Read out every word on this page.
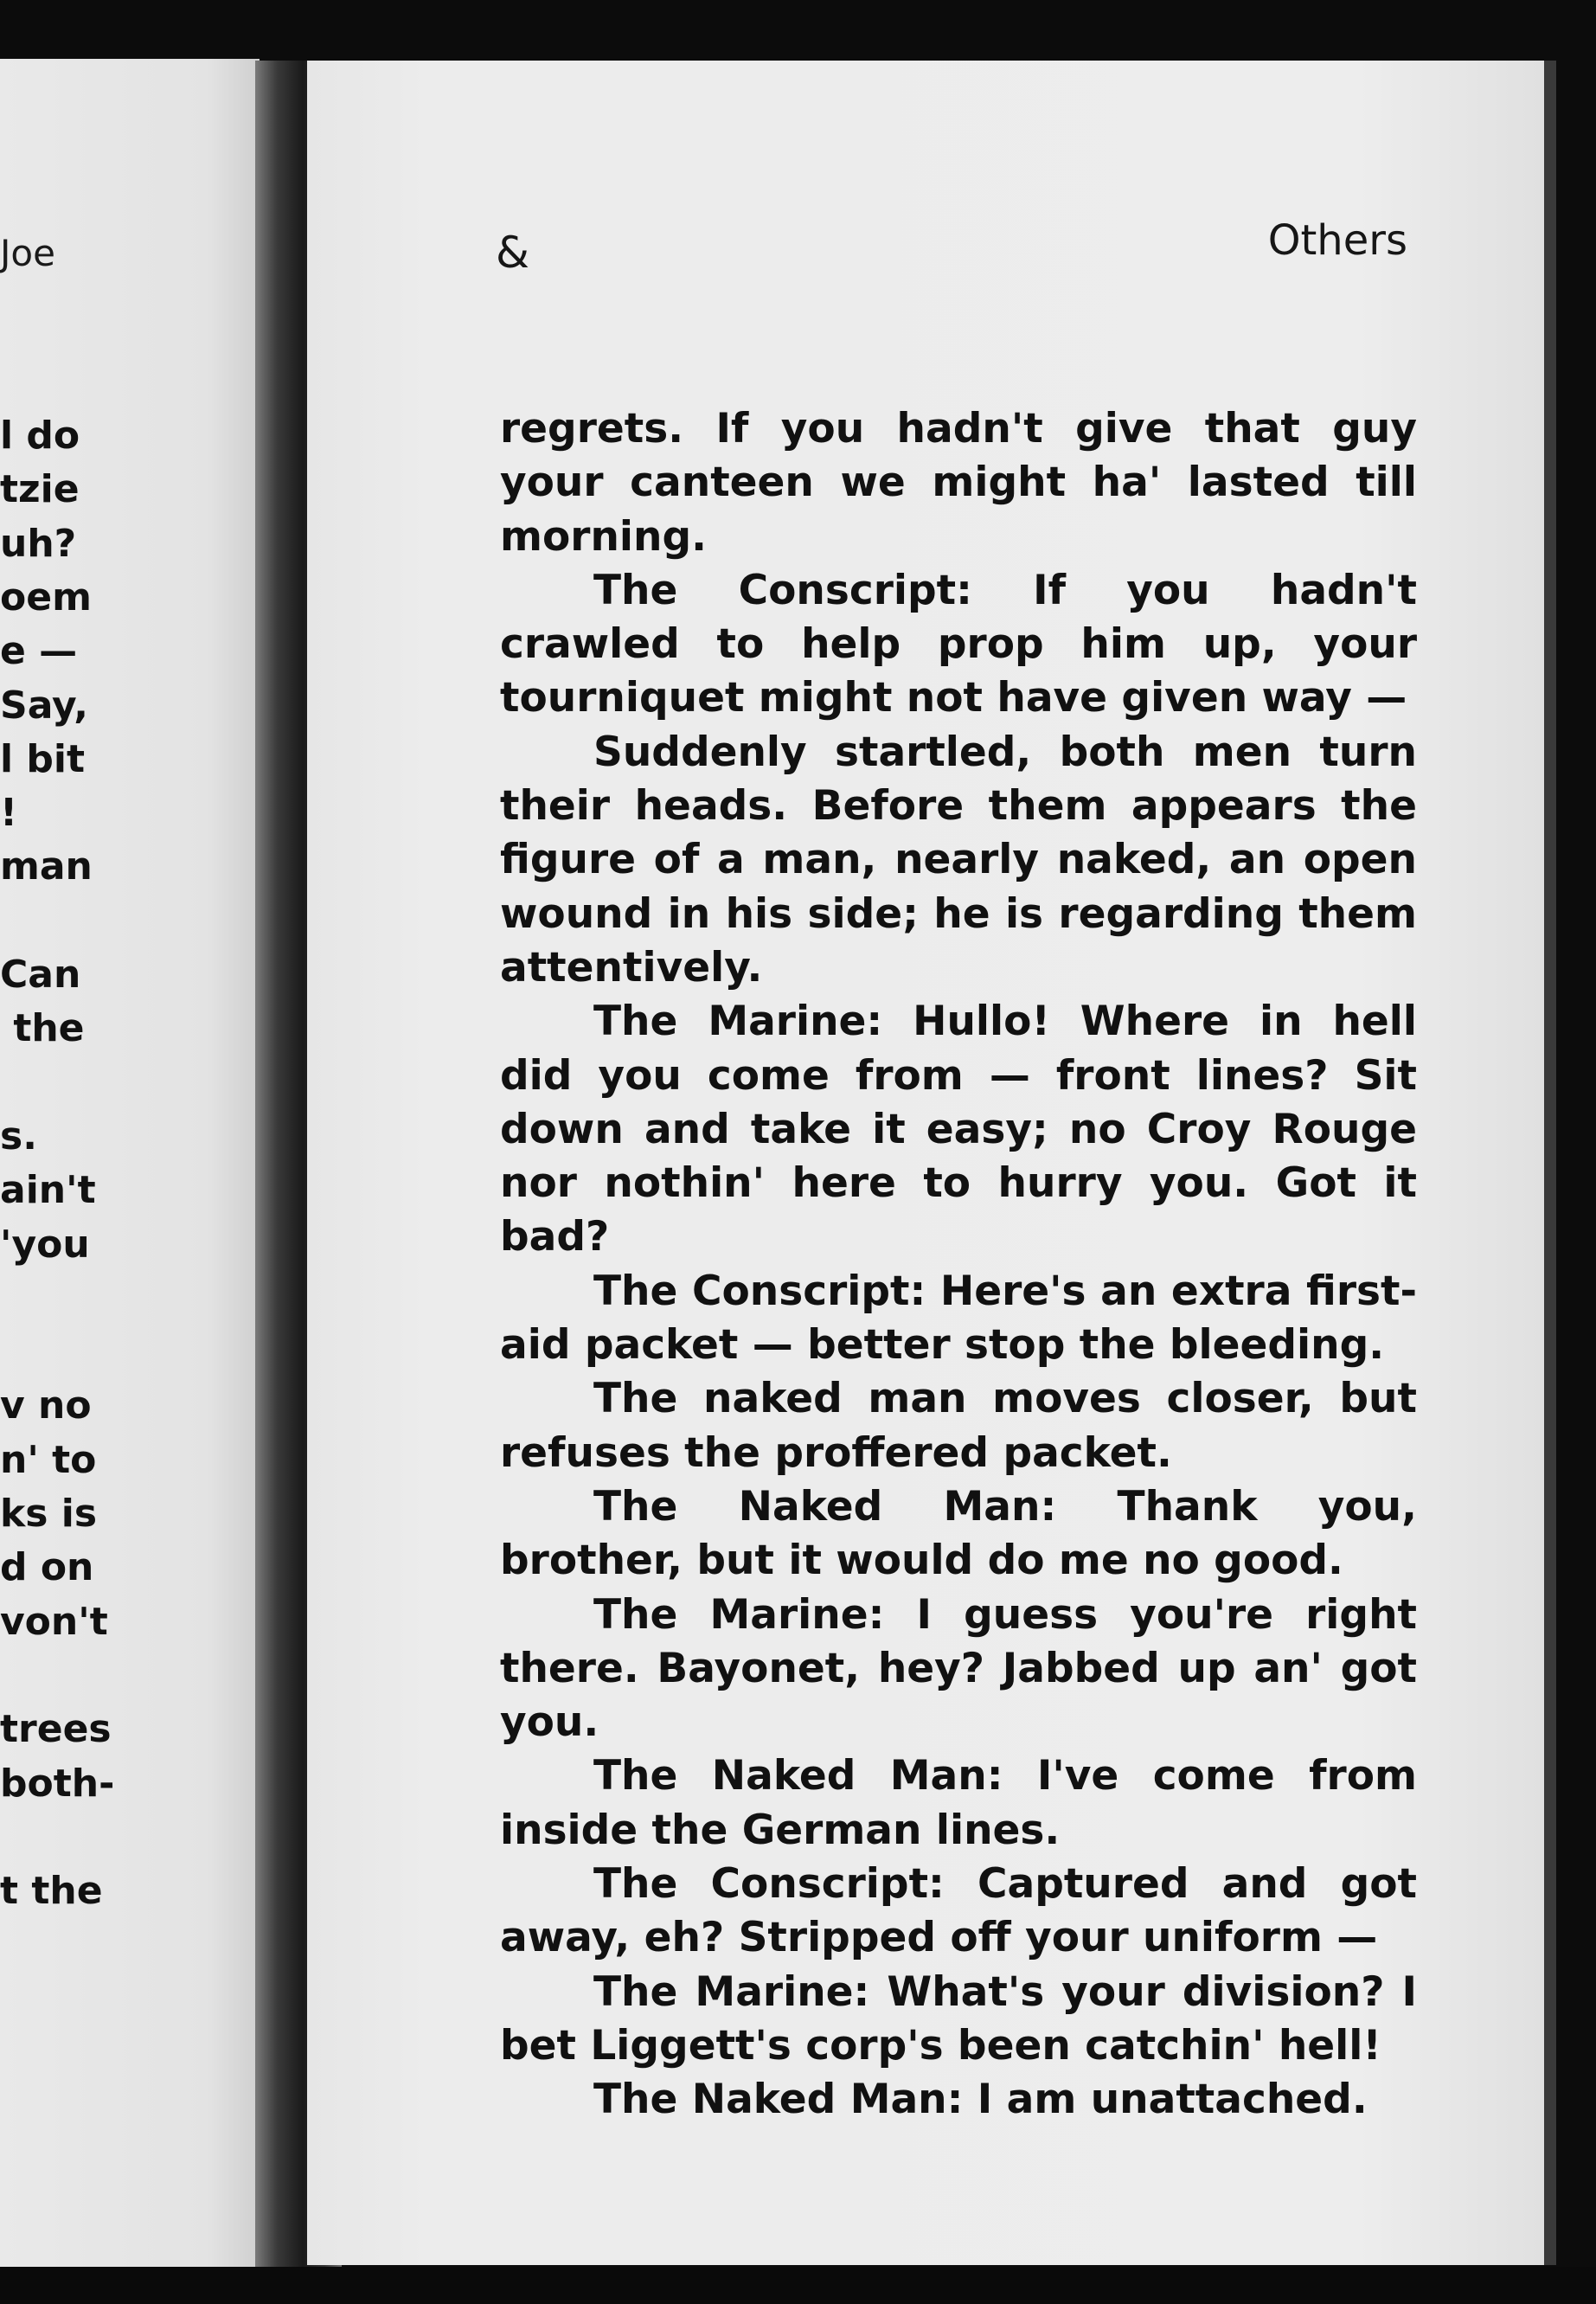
Joe
l do
tzie
uh?
oem
e —
Say,
l bit
!
man
Can
the
s.
ain't
'you
v no
n' to
ks is
d on
von't
trees
both-
t the
&	Others

regrets. If you hadn't give that guy your canteen we might ha' lasted till morning.

The Conscript: If you hadn't crawled to help prop him up, your tourniquet might not have given way —

Suddenly startled, both men turn their heads. Before them appears the figure of a man, nearly naked, an open wound in his side; he is regarding them attentively.

The Marine: Hullo! Where in hell did you come from — front lines? Sit down and take it easy; no Croy Rouge nor nothin' here to hurry you. Got it bad?

The Conscript: Here's an extra first-aid packet — better stop the bleeding.

The naked man moves closer, but refuses the proffered packet.

The Naked Man: Thank you, brother, but it would do me no good.

The Marine: I guess you're right there. Bayonet, hey? Jabbed up an' got you.

The Naked Man: I've come from inside the German lines.

The Conscript: Captured and got away, eh? Stripped off your uniform —

The Marine: What's your division? I bet Liggett's corp's been catchin' hell!

The Naked Man: I am unattached.
